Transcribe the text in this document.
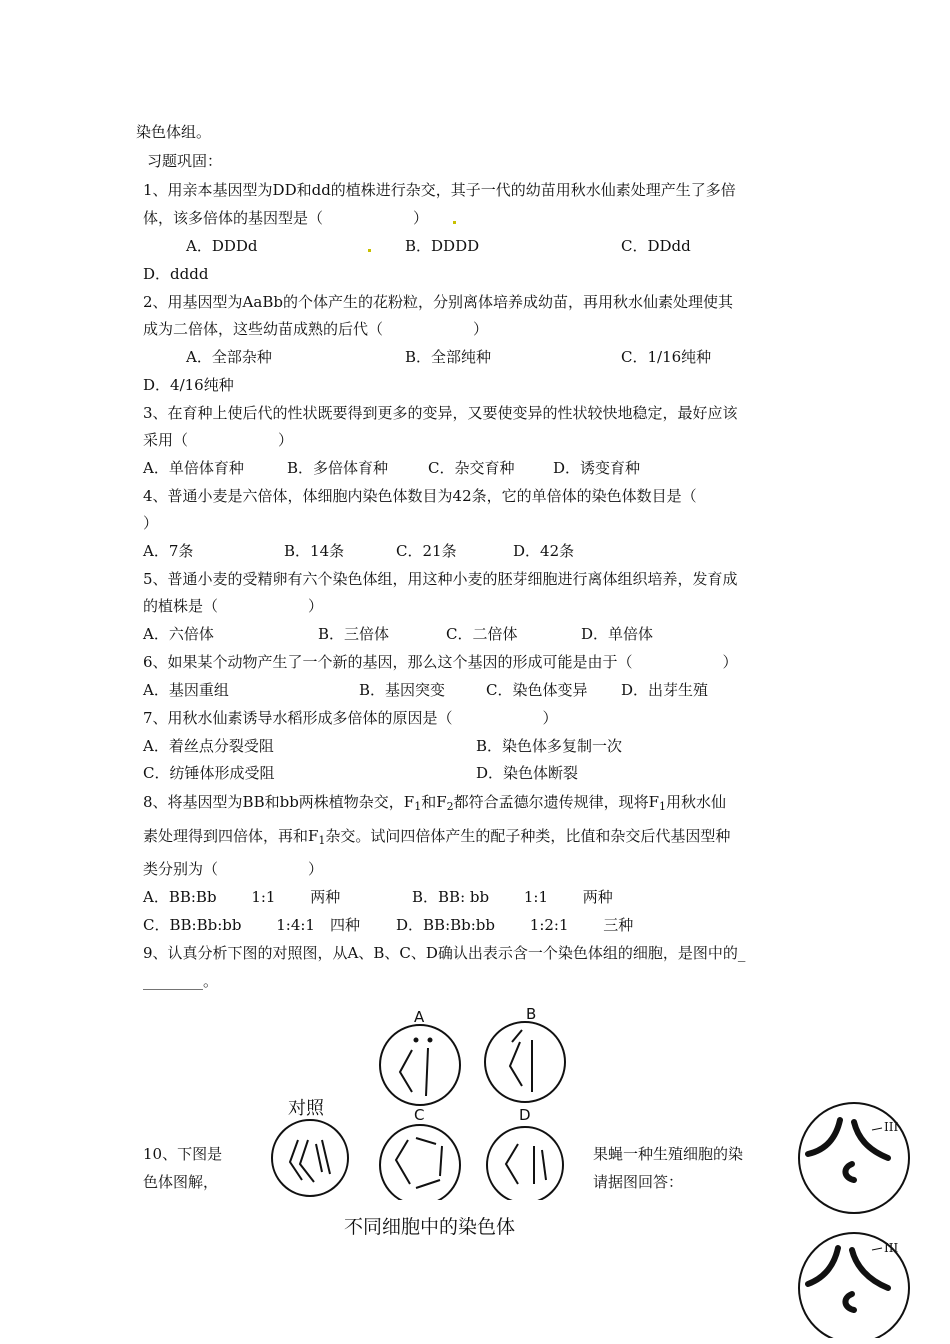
染色体组。
习题巩固：
1、用亲本基因型为DD和dd的植株进行杂交，其子一代的幼苗用秋水仙素处理产生了多倍
体，该多倍体的基因型是（　　　　　　）
A．DDDd	B．DDDD	C．DDdd
D．dddd
2、用基因型为AaBb的个体产生的花粉粒，分别离体培养成幼苗，再用秋水仙素处理使其
成为二倍体，这些幼苗成熟的后代（　　　　　　）
A．全部杂种	B．全部纯种	C．1/16纯种
D．4/16纯种
3、在育种上使后代的性状既要得到更多的变异，又要使变异的性状较快地稳定，最好应该
采用（　　　　　　）
A．单倍体育种	B．多倍体育种	C．杂交育种	D．诱变育种
4、普通小麦是六倍体，体细胞内染色体数目为42条，它的单倍体的染色体数目是（
）
A．7条	B．14条	C．21条	D．42条
5、普通小麦的受精卵有六个染色体组，用这种小麦的胚芽细胞进行离体组织培养，发育成
的植株是（　　　　　　）
A．六倍体	B．三倍体	C．二倍体	D．单倍体
6、如果某个动物产生了一个新的基因，那么这个基因的形成可能是由于（　　　　　　）
A．基因重组	B．基因突变	C．染色体变异 D．出芽生殖
7、用秋水仙素诱导水稻形成多倍体的原因是（　　　　　　）
A．着丝点分裂受阻	B．染色体多复制一次
C．纺锤体形成受阻	D．染色体断裂
8、将基因型为BB和bb两株植物杂交，$F_1$和$F_2$都符合孟德尔遗传规律，现将$F_1$用秋水仙
素处理得到四倍体，再和$F_1$杂交。试问四倍体产生的配子种类，比值和杂交后代基因型种
类分别为（　　　　　　）
A．BB:Bb　　 1:1　　 两种	B．BB: bb　　 1:1　　 两种
C．BB:Bb:bb　　 1:4:1　四种 D．BB:Bb:bb　　 1:2:1　　 三种
9、认真分析下图的对照图，从A、B、C、D确认出表示含一个染色体组的细胞，是图中的_
________。
A	B
对照	C	D
不同细胞中的染色体
10、下图是
色体图解，
果蝇一种生殖细胞的染
请据图回答：
III
III
